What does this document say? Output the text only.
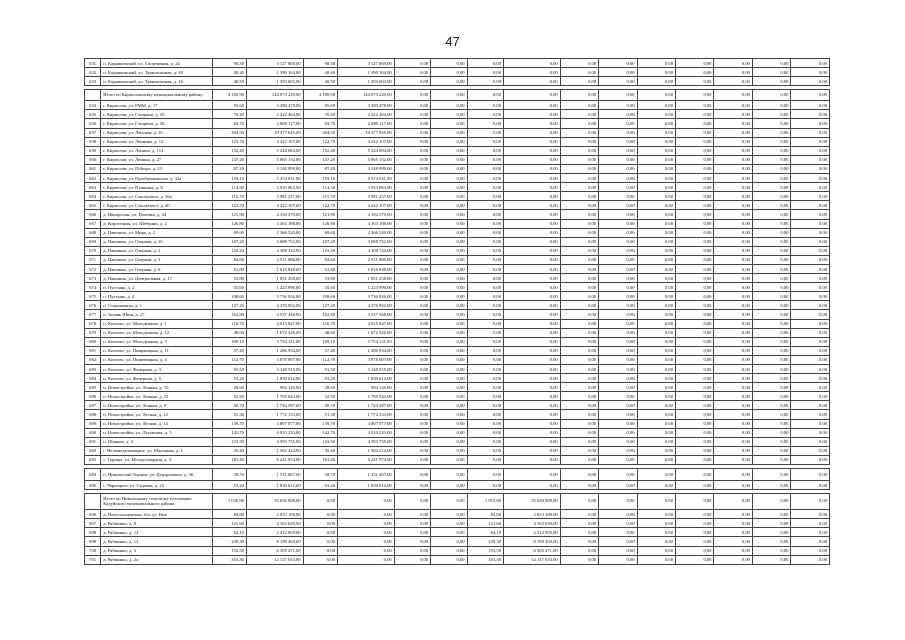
47
631	п. Кадниковский, ул. Спортивная, д. 24	90,30	3 127 869,00	90,30	3 127 869,00	0,00	0,00	0,00	0,00	0,00	0,00	0,00	0,00	0,00	0,00	0,00
632	п. Кадниковский, ул. Трансвокзная, д. 29	40,40	1 390 164,00	40,40	1 390 164,00	0,00	0,00	0,00	0,00	0,00	0,00	0,00	0,00	0,00	0,00	0,00
633	п. Кадниковский, ул. Трансвокзная, д. 16	40,50	1 393 603,00	40,50	1 393 603,00	0,00	0,00	0,00	0,00	0,00	0,00	0,00	0,00	0,00	0,00	0,00

	Итого по Кирилловскому муниципальному району:	4 180,90	144 073 229,00	4 180,90	144 073 229,00	0,00	0,00	0,00	0,00	0,00	0,00	0,00	0,00	0,00	0,00	0,00
634	г. Кириллов, ул. РММ, д. 17	95,60	3 290 478,00	95,60	3 290 478,00	0,00	0,00	0,00	0,00	0,00	0,00	0,00	0,00	0,00	0,00	0,00
635	г. Кириллов, ул. Гагарина, д. 35	70,40	2 422 464,00	70,40	2 422 464,00	0,00	0,00	0,00	0,00	0,00	0,00	0,00	0,00	0,00	0,00	0,00
636	г. Кириллов, ул. Гагарина, д. 30	83,70	2 880 117,00	83,70	2 880 117,00	0,00	0,00	0,00	0,00	0,00	0,00	0,00	0,00	0,00	0,00	0,00
637	г. Кириллов, ул. Ленская, д. 16	304,50	10 477 845,00	304,50	10 477 845,00	0,00	0,00	0,00	0,00	0,00	0,00	0,00	0,00	0,00	0,00	0,00
638	г. Кириллов, ул. Ленинка, д. 12	122,70	4 222 107,00	122,70	4 222 107,00	0,00	0,00	0,00	0,00	0,00	0,00	0,00	0,00	0,00	0,00	0,00
639	г. Кириллов, ул. Ленина, д. 114	152,40	5 244 084,00	152,40	5 244 084,00	0,00	0,00	0,00	0,00	0,00	0,00	0,00	0,00	0,00	0,00	0,00
660	г. Кириллов, ул. Ленина, д. 27	147,20	5 065 152,00	147,20	5 065 152,00	0,00	0,00	0,00	0,00	0,00	0,00	0,00	0,00	0,00	0,00	0,00
661	г. Кириллов, ул. Победы, д. 23	87,20	3 148 999,00	87,20	3 148 999,00	0,00	0,00	0,00	0,00	0,00	0,00	0,00	0,00	0,00	0,00	0,00
662	г. Кириллов, ул. Преображенская, д. 42а	159,10	5 474 631,00	159,10	5 474 631,00	0,00	0,00	0,00	0,00	0,00	0,00	0,00	0,00	0,00	0,00	0,00
663	г. Кириллов, ул. Пушкина, д. 8	114,30	3 933 063,00	114,30	3 933 063,00	0,00	0,00	0,00	0,00	0,00	0,00	0,00	0,00	0,00	0,00	0,00
664	г. Кириллов, ул. Смольского, д. 36а	115,70	3 981 237,00	115,70	3 981 237,00	0,00	0,00	0,00	0,00	0,00	0,00	0,00	0,00	0,00	0,00	0,00
665	г. Кириллов, ул. Смольского, д. 40	122,70	4 222 107,00	122,70	4 222 107,00	0,00	0,00	0,00	0,00	0,00	0,00	0,00	0,00	0,00	0,00	0,00
666	д. Ивнорогин, ул. Полевая, д. 34	121,90	4 194 579,00	121,90	4 194 579,00	0,00	0,00	0,00	0,00	0,00	0,00	0,00	0,00	0,00	0,00	0,00
667	д. Коротецкая, ул. Шебунки, д. 2	126,80	4 363 188,00	126,80	4 363 188,00	0,00	0,00	0,00	0,00	0,00	0,00	0,00	0,00	0,00	0,00	0,00
668	д. Павшино, ул. Мира, д. 2	69,60	2 366 520,00	69,60	2 366 520,00	0,00	0,00	0,00	0,00	0,00	0,00	0,00	0,00	0,00	0,00	0,00
669	д. Павшино, ул. Озерная, д. 10	107,20	3 688 752,00	107,20	3 688 752,00	0,00	0,00	0,00	0,00	0,00	0,00	0,00	0,00	0,00	0,00	0,00
670	д. Павшино, ул. Озерная, д. 2	125,20	4 308 132,00	125,20	4 308 132,00	0,00	0,00	0,00	0,00	0,00	0,00	0,00	0,00	0,00	0,00	0,00
671	д. Павшино, ул. Озерная, д. 3	84,60	2 911 086,00	84,60	2 911 086,00	0,00	0,00	0,00	0,00	0,00	0,00	0,00	0,00	0,00	0,00	0,00
672	д. Павшино, ул. Озерная, д. 8	52,80	1 816 848,00	52,80	1 816 848,00	0,00	0,00	0,00	0,00	0,00	0,00	0,00	0,00	0,00	0,00	0,00
673	д. Павшино, ул. Центральная, д. 17	53,80	1 851 258,00	53,80	1 851 258,00	0,00	0,00	0,00	0,00	0,00	0,00	0,00	0,00	0,00	0,00	0,00
674	п. Пустынь, д. 2	35,60	1 224 996,00	35,60	1 224 996,00	0,00	0,00	0,00	0,00	0,00	0,00	0,00	0,00	0,00	0,00	0,00
675	п. Пустынь, д. 4	108,60	3 736 926,00	108,60	3 736 926,00	0,00	0,00	0,00	0,00	0,00	0,00	0,00	0,00	0,00	0,00	0,00
676	п. Стороженцы, д. 1	127,20	4 376 952,00	127,20	4 376 952,00	0,00	0,00	0,00	0,00	0,00	0,00	0,00	0,00	0,00	0,00	0,00
677	п. Запань Шиш, д. 27	102,80	3 537 348,00	102,80	3 537 348,00	0,00	0,00	0,00	0,00	0,00	0,00	0,00	0,00	0,00	0,00	0,00
678	п. Кохтово, ул. Молодежная, д. 1	116,70	4 015 647,00	116,70	4 015 647,00	0,00	0,00	0,00	0,00	0,00	0,00	0,00	0,00	0,00	0,00	0,00
679	п. Кохтово, ул. Молодежная, д. 12	48,60	1 672 326,00	48,60	1 672 326,00	0,00	0,00	0,00	0,00	0,00	0,00	0,00	0,00	0,00	0,00	0,00
680	п. Кохтово, ул. Молодежная, д. 3	109,10	3 754 131,00	109,10	3 754 131,00	0,00	0,00	0,00	0,00	0,00	0,00	0,00	0,00	0,00	0,00	0,00
681	п. Кохтово, ул. Пищевицкая, д. 11	57,40	1 286 934,00	57,40	1 286 934,00	0,00	0,00	0,00	0,00	0,00	0,00	0,00	0,00	0,00	0,00	0,00
682	п. Кохтово, ул. Пищевицкая, д. 4	112,70	3 878 007,00	112,70	3 878 007,00	0,00	0,00	0,00	0,00	0,00	0,00	0,00	0,00	0,00	0,00	0,00
683	п. Кохтово, ул. Фанерная, д. 3	91,50	3 148 515,00	91,50	3 148 515,00	0,00	0,00	0,00	0,00	0,00	0,00	0,00	0,00	0,00	0,00	0,00
684	п. Кохтово, ул. Фанерная, д. 5	53,20	1 830 612,00	53,20	1 830 612,00	0,00	0,00	0,00	0,00	0,00	0,00	0,00	0,00	0,00	0,00	0,00
685	п. Новостройка, ул. Ленина, д. 15	28,60	984 126,00	28,60	984 126,00	0,00	0,00	0,00	0,00	0,00	0,00	0,00	0,00	0,00	0,00	0,00
686	п. Новостройка, ул. Ленина, д. 21	52,50	1 795 643,00	52,50	1 795 643,00	0,00	0,00	0,00	0,00	0,00	0,00	0,00	0,00	0,00	0,00	0,00
687	п. Новостройка, ул. Ленина, д. 9	50,70	1 744 587,00	50,70	1 744 587,00	0,00	0,00	0,00	0,00	0,00	0,00	0,00	0,00	0,00	0,00	0,00
688	п. Новостройка, ул. Лесная, д. 12	51,30	1 772 133,00	51,30	1 772 133,00	0,00	0,00	0,00	0,00	0,00	0,00	0,00	0,00	0,00	0,00	0,00
689	п. Новостройка, ул. Лесная, д. 14	139,70	4 807 077,00	139,70	4 807 077,00	0,00	0,00	0,00	0,00	0,00	0,00	0,00	0,00	0,00	0,00	0,00
690	п. Новостройка, ул. Луговская, д. 5	142,70	4 910 233,00	142,70	4 910 233,00	0,00	0,00	0,00	0,00	0,00	0,00	0,00	0,00	0,00	0,00	0,00
691	п. Шаньки, д. 4	133,50	4 593 735,00	133,50	4 593 735,00	0,00	0,00	0,00	0,00	0,00	0,00	0,00	0,00	0,00	0,00	0,00
692	г. Нелюнеделовицкое, ул. Школьная, д. 1	45,40	1 562 214,00	45,40	1 562 214,00	0,00	0,00	0,00	0,00	0,00	0,00	0,00	0,00	0,00	0,00	0,00
693	с. Горицы, ул. Молодогвардия, д. 3	181,40	6 241 974,00	181,40	6 241 974,00	0,00	0,00	0,00	0,00	0,00	0,00	0,00	0,00	0,00	0,00	0,00

694	п. Никольский Торжок, ул. Центральная, д. 36	38,70	1 331 667,00	38,70	1 331 667,00	0,00	0,00	0,00	0,00	0,00	0,00	0,00	0,00	0,00	0,00	0,00
695	г. Чернецкое, ул. Садовая, д. 23	53,20	1 830 612,00	53,20	1 830 612,00	0,00	0,00	0,00	0,00	0,00	0,00	0,00	0,00	0,00	0,00	0,00

	Итого по Никольскому сельскому поселению Кадуйского муниципального района:	1 030,90	35 636 908,00	0,00	0,00	0,00	0,00	1 015,80	35 636 908,00	0,00	0,00	0,00	0,00	0,00	0,00	0,00
696	д. Новосельцевская, б/н, ул. Нов	84,80	2 823 108,00	0,00	0,00	0,00	0,00	84,80	2 823 108,00	0,00	0,00	0,00	0,00	0,00	0,00	0,00
697	д. Рябинино, д. 8	121,60	4 163 630,00	0,00	0,00	0,00	0,00	121,60	4 163 630,00	0,00	0,00	0,00	0,00	0,00	0,00	0,00
698	д. Рябинино, д. 14	64,10	2 212 093,00	0,00	0,00	0,00	0,00	64,10	2 212 093,00	0,00	0,00	0,00	0,00	0,00	0,00	0,00
699	д. Рябинино, д. 13	239,30	8 199 303,00	0,00	0,00	0,00	0,00	239,30	8 199 303,00	0,00	0,00	0,00	0,00	0,00	0,00	0,00
700	д. Рябинино, д. 3	193,50	6 305 471,00	0,00	0,00	0,00	0,00	193,50	6 305 471,00	0,00	0,00	0,00	0,00	0,00	0,00	0,00
701	д. Рябинино, д. 2а	353,30	12 137 033,00	0,00	0,00	0,00	0,00	353,30	12 137 033,00	0,00	0,00	0,00	0,00	0,00	0,00	0,00
